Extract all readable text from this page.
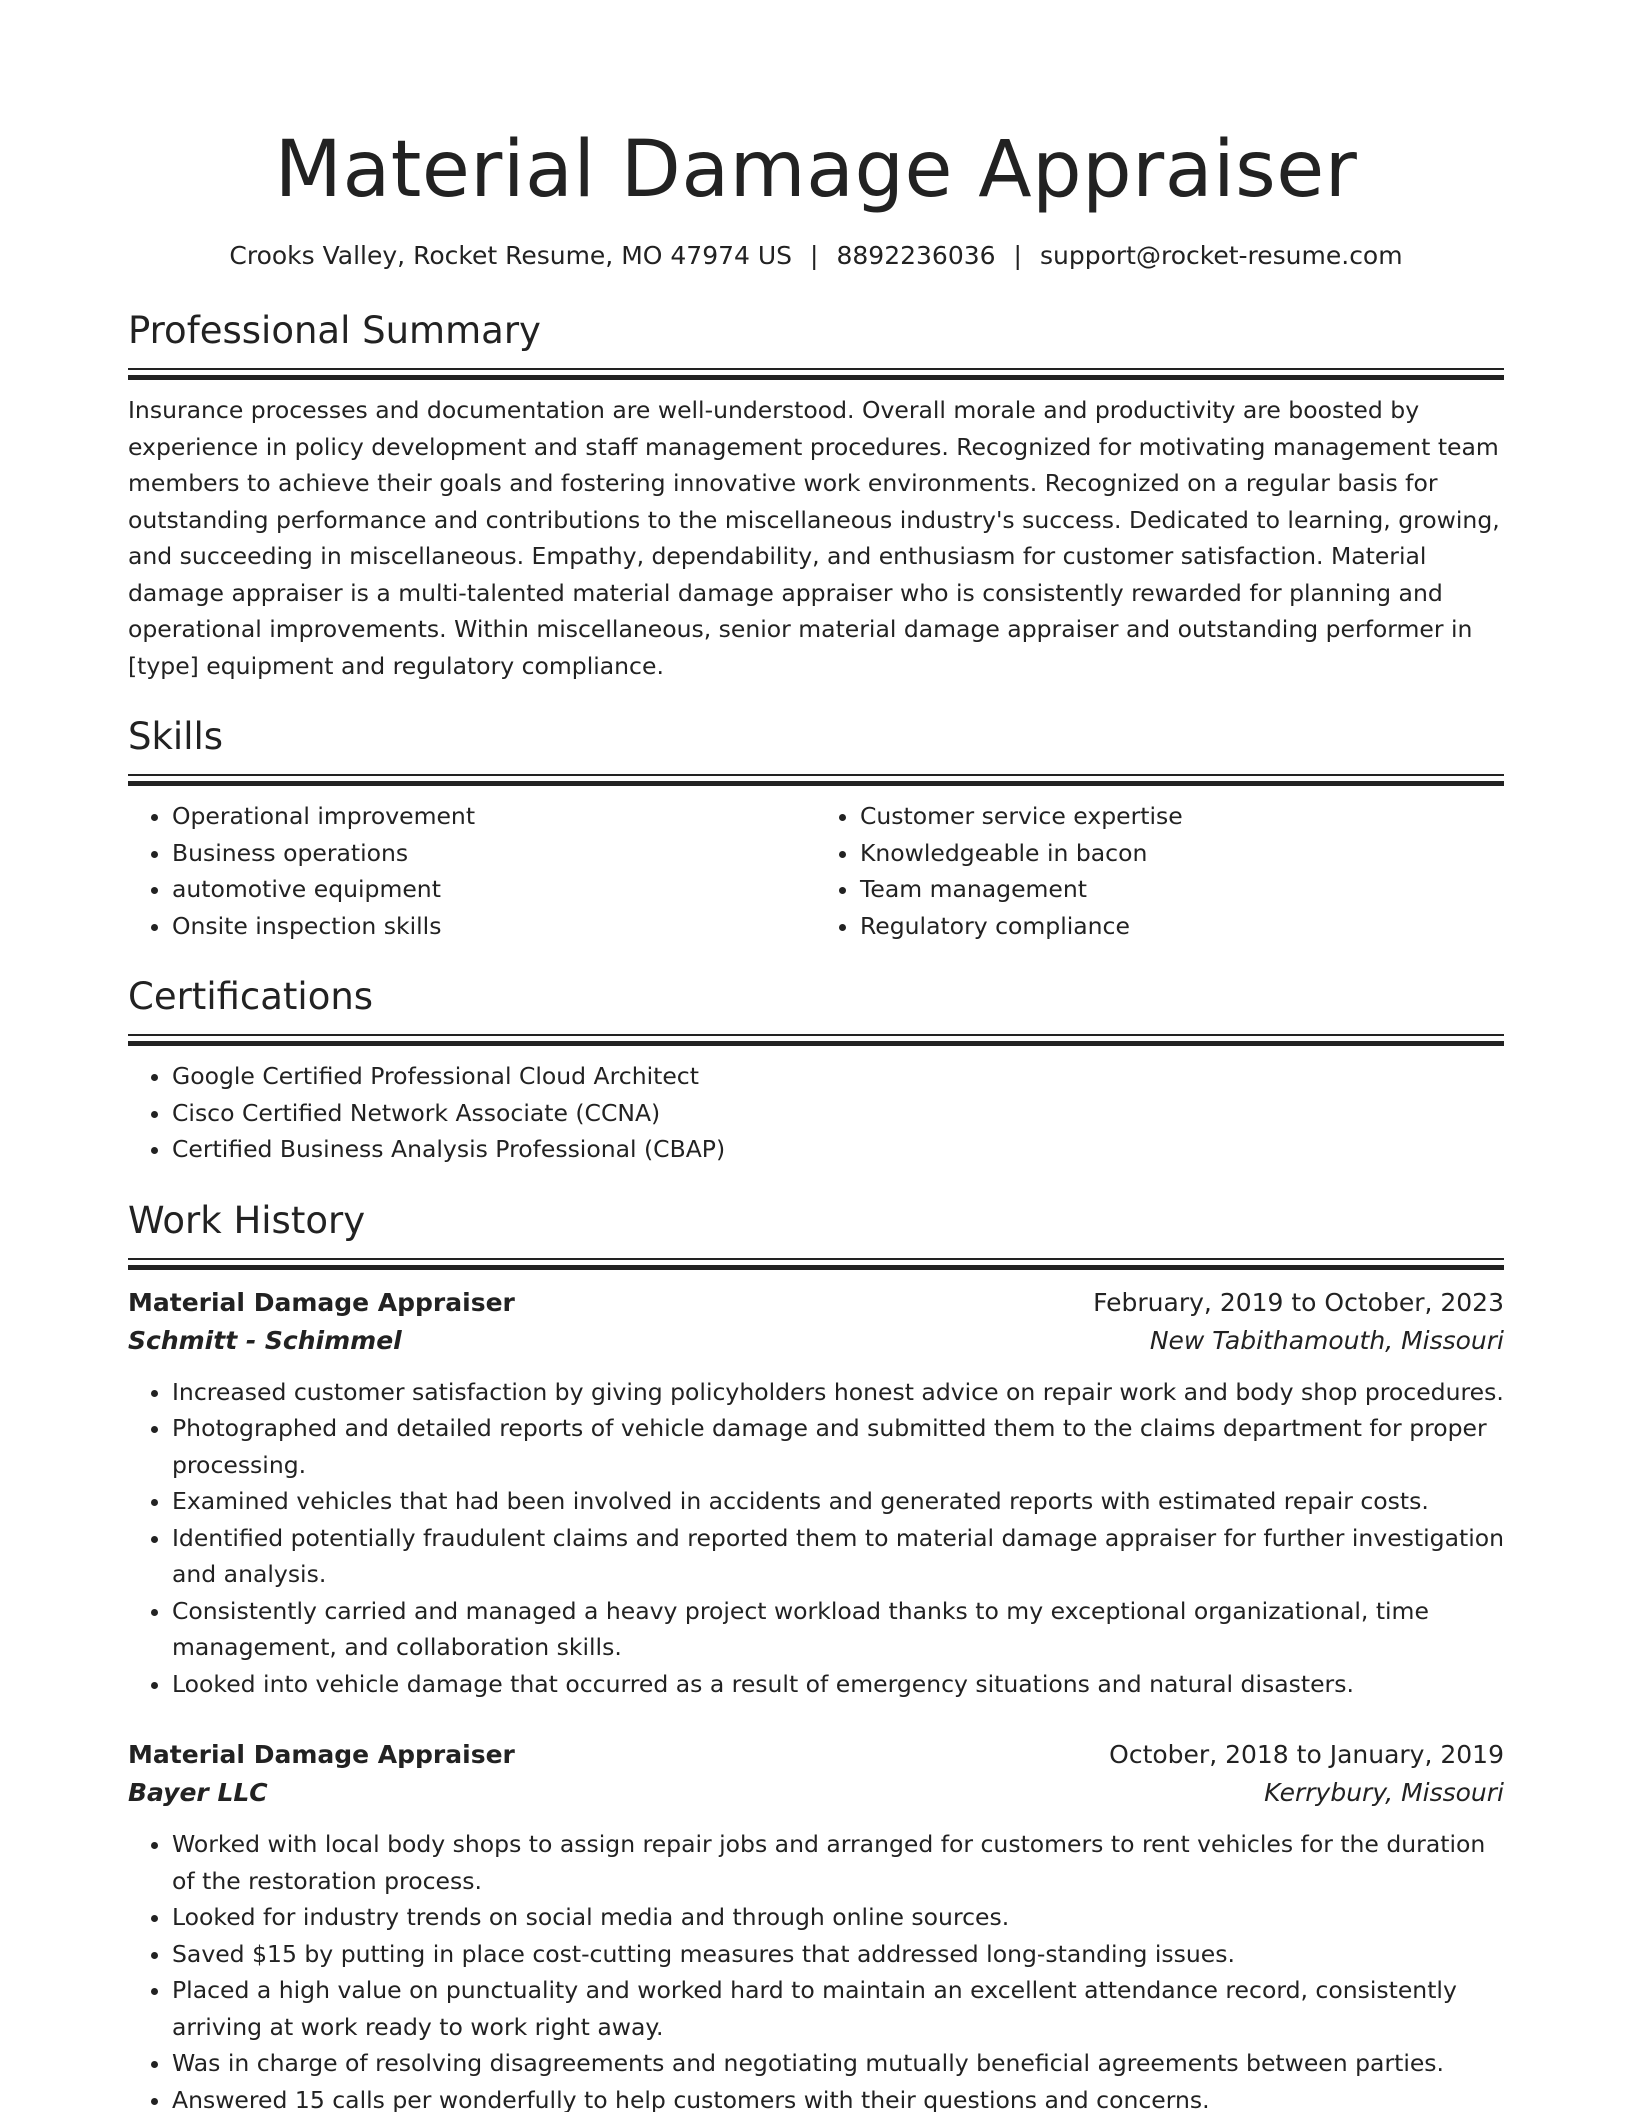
Material Damage Appraiser
Crooks Valley, Rocket Resume, MO 47974 US | 8892236036 | support@rocket-resume.com
Professional Summary
Insurance processes and documentation are well-understood. Overall morale and productivity are boosted by experience in policy development and staff management procedures. Recognized for motivating management team members to achieve their goals and fostering innovative work environments. Recognized on a regular basis for outstanding performance and contributions to the miscellaneous industry's success. Dedicated to learning, growing, and succeeding in miscellaneous. Empathy, dependability, and enthusiasm for customer satisfaction. Material damage appraiser is a multi-talented material damage appraiser who is consistently rewarded for planning and operational improvements. Within miscellaneous, senior material damage appraiser and outstanding performer in [type] equipment and regulatory compliance.
Skills
• Operational improvement
• Business operations
• automotive equipment
• Onsite inspection skills
• Customer service expertise
• Knowledgeable in bacon
• Team management
• Regulatory compliance
Certifications
• Google Certified Professional Cloud Architect
• Cisco Certified Network Associate (CCNA)
• Certified Business Analysis Professional (CBAP)
Work History
Material Damage Appraiser	February, 2019 to October, 2023
Schmitt - Schimmel	New Tabithamouth, Missouri
• Increased customer satisfaction by giving policyholders honest advice on repair work and body shop procedures.
• Photographed and detailed reports of vehicle damage and submitted them to the claims department for proper processing.
• Examined vehicles that had been involved in accidents and generated reports with estimated repair costs.
• Identified potentially fraudulent claims and reported them to material damage appraiser for further investigation and analysis.
• Consistently carried and managed a heavy project workload thanks to my exceptional organizational, time management, and collaboration skills.
• Looked into vehicle damage that occurred as a result of emergency situations and natural disasters.
Material Damage Appraiser	October, 2018 to January, 2019
Bayer LLC	Kerrybury, Missouri
• Worked with local body shops to assign repair jobs and arranged for customers to rent vehicles for the duration of the restoration process.
• Looked for industry trends on social media and through online sources.
• Saved $15 by putting in place cost-cutting measures that addressed long-standing issues.
• Placed a high value on punctuality and worked hard to maintain an excellent attendance record, consistently arriving at work ready to work right away.
• Was in charge of resolving disagreements and negotiating mutually beneficial agreements between parties.
• Answered 15 calls per wonderfully to help customers with their questions and concerns.
